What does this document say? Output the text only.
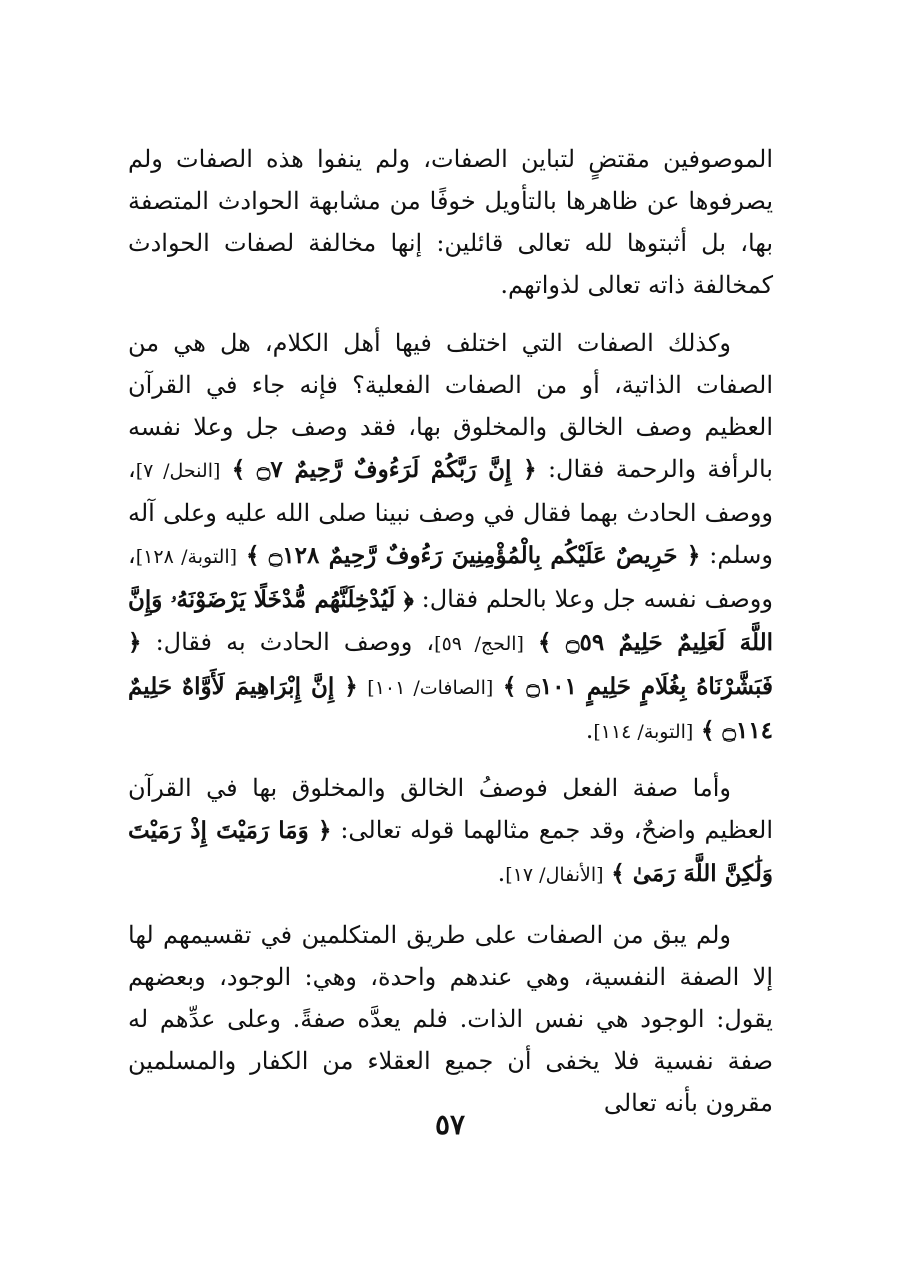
الموصوفين مقتضٍ لتباين الصفات، ولم ينفوا هذه الصفات ولم يصرفوها عن ظاهرها بالتأويل خوفًا من مشابهة الحوادث المتصفة بها، بل أثبتوها لله تعالى قائلين: إنها مخالفة لصفات الحوادث كمخالفة ذاته تعالى لذواتهم.

وكذلك الصفات التي اختلف فيها أهل الكلام، هل هي من الصفات الذاتية، أو من الصفات الفعلية؟ فإنه جاء في القرآن العظيم وصف الخالق والمخلوق بها، فقد وصف جل وعلا نفسه بالرأفة والرحمة فقال: ﴿ إِنَّ رَبَّكُمْ لَرَءُوفٌ رَّحِيمٌ ۝٧ ﴾ [النحل/ ٧]، ووصف الحادث بهما فقال في وصف نبينا صلى الله عليه وعلى آله وسلم: ﴿ حَرِيصٌ عَلَيْكُم بِالْمُؤْمِنِينَ رَءُوفٌ رَّحِيمٌ ۝١٢٨ ﴾ [التوبة/ ١٢٨]، ووصف نفسه جل وعلا بالحلم فقال: ﴿ لَيُدْخِلَنَّهُم مُّدْخَلًا يَرْضَوْنَهُۥ وَإِنَّ اللَّهَ لَعَلِيمٌ حَلِيمٌ ۝٥٩ ﴾ [الحج/ ٥٩]، ووصف الحادث به فقال: ﴿ فَبَشَّرْنَاهُ بِغُلَامٍ حَلِيمٍ ۝١٠١ ﴾ [الصافات/ ١٠١] ﴿ إِنَّ إِبْرَاهِيمَ لَأَوَّاهٌ حَلِيمٌ ۝١١٤ ﴾ [التوبة/ ١١٤].

وأما صفة الفعل فوصفُ الخالق والمخلوق بها في القرآن العظيم واضحٌ، وقد جمع مثالهما قوله تعالى: ﴿ وَمَا رَمَيْتَ إِذْ رَمَيْتَ وَلَٰكِنَّ اللَّهَ رَمَىٰ ﴾ [الأنفال/ ١٧].

ولم يبق من الصفات على طريق المتكلمين في تقسيمهم لها إلا الصفة النفسية، وهي عندهم واحدة، وهي: الوجود، وبعضهم يقول: الوجود هي نفس الذات. فلم يعدَّه صفةً. وعلى عدِّهم له صفة نفسية فلا يخفى أن جميع العقلاء من الكفار والمسلمين مقرون بأنه تعالى

٥٧
